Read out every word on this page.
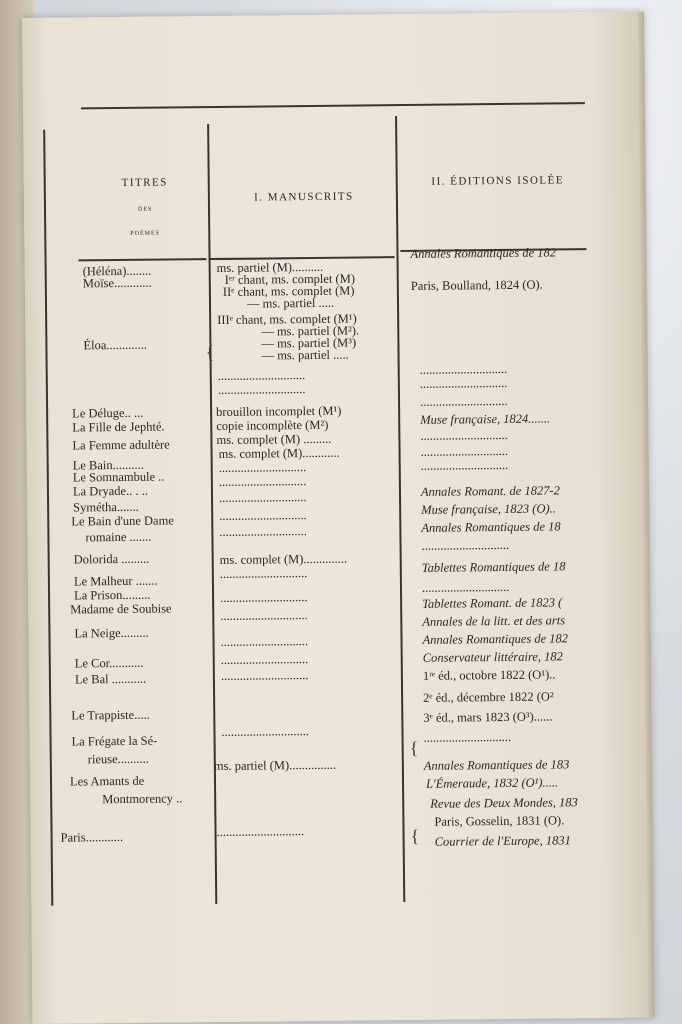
TITRES
DES
POÈMES
I. MANUSCRITS
II. ÉDITIONS ISOLÉE
(Héléna)........
Moïse............
Éloa.............
Le Déluge.. ...
La Fille de Jephté.
La Femme adultère
Le Bain..........
Le Somnambule ..
La Dryade.. . ..
Symétha.......
Le Bain d'une Dame
romaine .......
Dolorida .........
Le Malheur .......
La Prison.........
Madame de Soubise
La Neige.........
Le Cor...........
Le Bal ...........
Le Trappiste.....
La Frégate la Sé-
rieuse..........
Les Amants de
Montmorency ..
Paris............
.......................
ms. partiel (M)..........
Iᵉʳ chant, ms. complet (M)
IIᵉ chant, ms. complet (M)
— ms. partiel .....
IIIᵉ chant, ms. complet (M¹)
— ms. partiel (M²).
— ms. partiel (M³)
— ms. partiel .....
............................
............................
brouillon incomplet (M¹)
copie incomplète (M²)
ms. complet (M) .........
ms. complet (M)............
............................
............................
............................
............................
............................
ms. complet (M)..............
............................
............................
............................
............................
............................
............................
............................
ms. partiel (M)...............
............................
Annales Romantiques de 182
Paris, Boulland, 1824 (O).
............................
............................
............................
Muse française, 1824.......
............................
............................
............................
Annales Romant. de 1827-2
Muse française, 1823 (O)..
Annales Romantiques de 18
............................
Tablettes Romantiques de 18
............................
Tablettes Romant. de 1823 (
Annales de la litt. et des arts
Annales Romantiques de 182
Conservateur littéraire, 182
1ʳᵉ éd., octobre 1822 (O¹)..
2ᵉ éd., décembre 1822 (O²
3ᵉ éd., mars 1823 (O³)......
............................
Annales Romantiques de 183
L'Émeraude, 1832 (O¹).....
Revue des Deux Mondes, 183
Paris, Gosselin, 1831 (O).
Courrier de l'Europe, 1831
{
{
{
